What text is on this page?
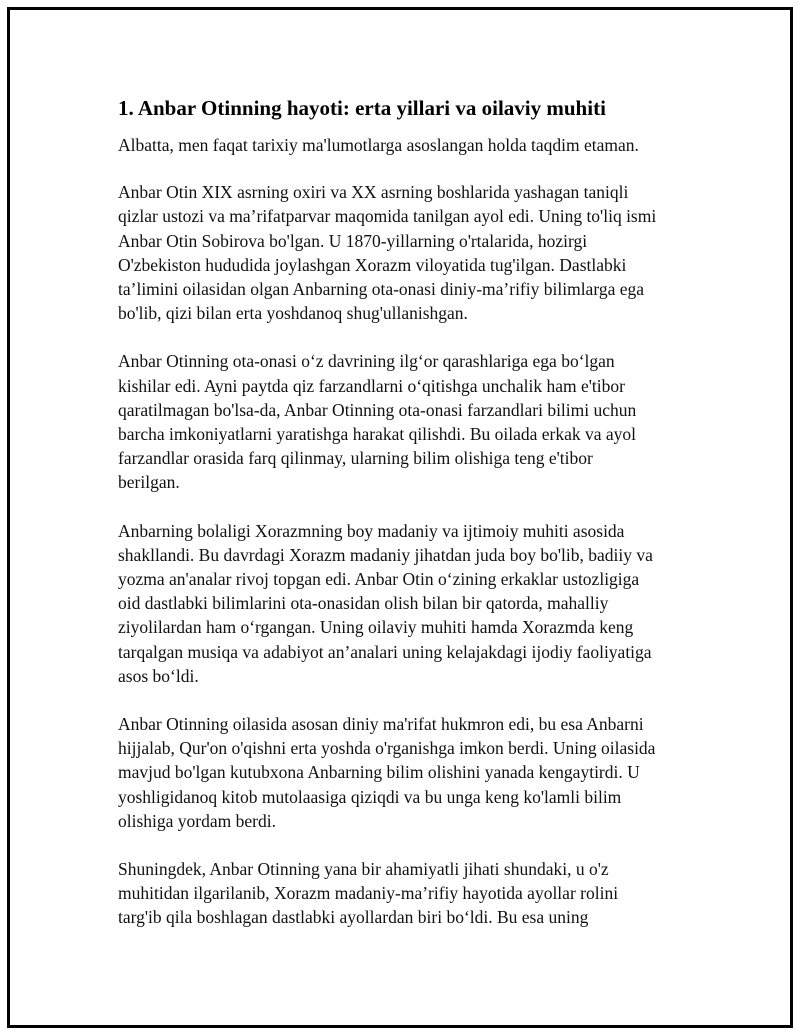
1. Anbar Otinning hayoti: erta yillari va oilaviy muhiti
Albatta, men faqat tarixiy ma'lumotlarga asoslangan holda taqdim etaman.
Anbar Otin XIX asrning oxiri va XX asrning boshlarida yashagan taniqli
qizlar ustozi va ma’rifatparvar maqomida tanilgan ayol edi. Uning to'liq ismi
Anbar Otin Sobirova bo'lgan. U 1870-yillarning o'rtalarida, hozirgi
O'zbekiston hududida joylashgan Xorazm viloyatida tug'ilgan. Dastlabki
ta’limini oilasidan olgan Anbarning ota-onasi diniy-ma’rifiy bilimlarga ega
bo'lib, qizi bilan erta yoshdanoq shug'ullanishgan.
Anbar Otinning ota-onasi o‘z davrining ilg‘or qarashlariga ega bo‘lgan
kishilar edi. Ayni paytda qiz farzandlarni o‘qitishga unchalik ham e'tibor
qaratilmagan bo'lsa-da, Anbar Otinning ota-onasi farzandlari bilimi uchun
barcha imkoniyatlarni yaratishga harakat qilishdi. Bu oilada erkak va ayol
farzandlar orasida farq qilinmay, ularning bilim olishiga teng e'tibor
berilgan.
Anbarning bolaligi Xorazmning boy madaniy va ijtimoiy muhiti asosida
shakllandi. Bu davrdagi Xorazm madaniy jihatdan juda boy bo'lib, badiiy va
yozma an'analar rivoj topgan edi. Anbar Otin o‘zining erkaklar ustozligiga
oid dastlabki bilimlarini ota-onasidan olish bilan bir qatorda, mahalliy
ziyolilardan ham o‘rgangan. Uning oilaviy muhiti hamda Xorazmda keng
tarqalgan musiqa va adabiyot an’analari uning kelajakdagi ijodiy faoliyatiga
asos bo‘ldi.
Anbar Otinning oilasida asosan diniy ma'rifat hukmron edi, bu esa Anbarni
hijjalab, Qur'on o'qishni erta yoshda o'rganishga imkon berdi. Uning oilasida
mavjud bo'lgan kutubxona Anbarning bilim olishini yanada kengaytirdi. U
yoshligidanoq kitob mutolaasiga qiziqdi va bu unga keng ko'lamli bilim
olishiga yordam berdi.
Shuningdek, Anbar Otinning yana bir ahamiyatli jihati shundaki, u o'z
muhitidan ilgarilanib, Xorazm madaniy-ma’rifiy hayotida ayollar rolini
targ'ib qila boshlagan dastlabki ayollardan biri bo‘ldi. Bu esa uning
